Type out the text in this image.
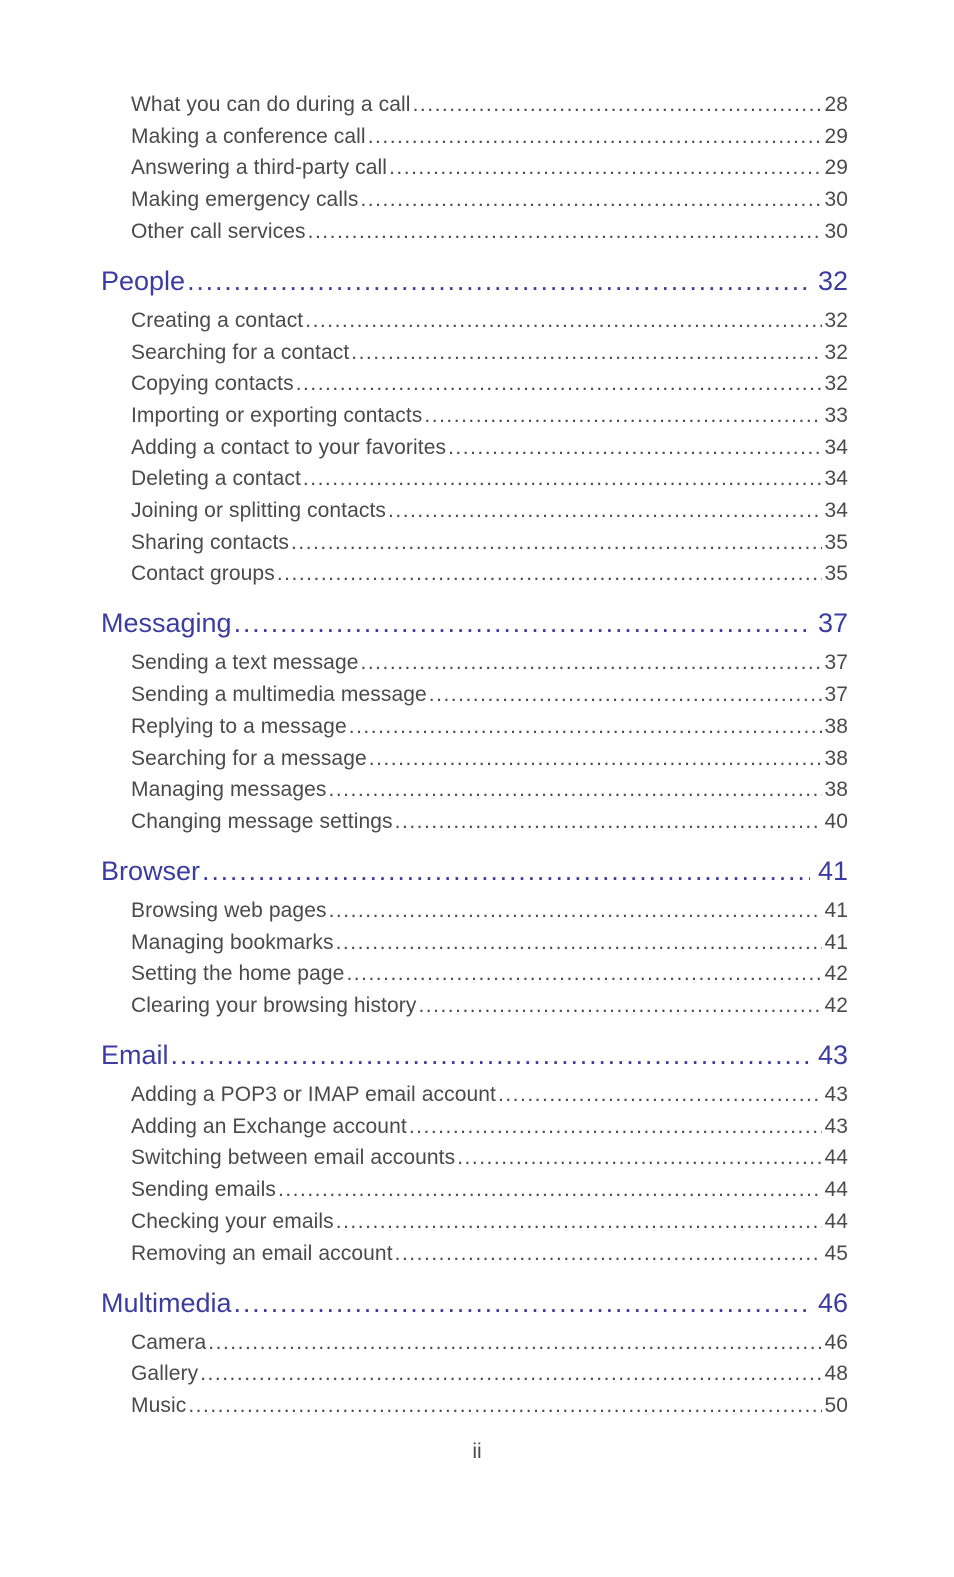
What you can do during a call .....	28
Making a conference call .....	29
Answering a third-party call .....	29
Making emergency calls .....	30
Other call services .....	30
People .....	32
Creating a contact .....	32
Searching for a contact .....	32
Copying contacts .....	32
Importing or exporting contacts .....	33
Adding a contact to your favorites .....	34
Deleting a contact .....	34
Joining or splitting contacts .....	34
Sharing contacts .....	35
Contact groups .....	35
Messaging .....	37
Sending a text message .....	37
Sending a multimedia message .....	37
Replying to a message .....	38
Searching for a message .....	38
Managing messages .....	38
Changing message settings .....	40
Browser .....	41
Browsing web pages .....	41
Managing bookmarks .....	41
Setting the home page .....	42
Clearing your browsing history .....	42
Email .....	43
Adding a POP3 or IMAP email account .....	43
Adding an Exchange account .....	43
Switching between email accounts .....	44
Sending emails .....	44
Checking your emails .....	44
Removing an email account .....	45
Multimedia .....	46
Camera .....	46
Gallery .....	48
Music .....	50
ii
